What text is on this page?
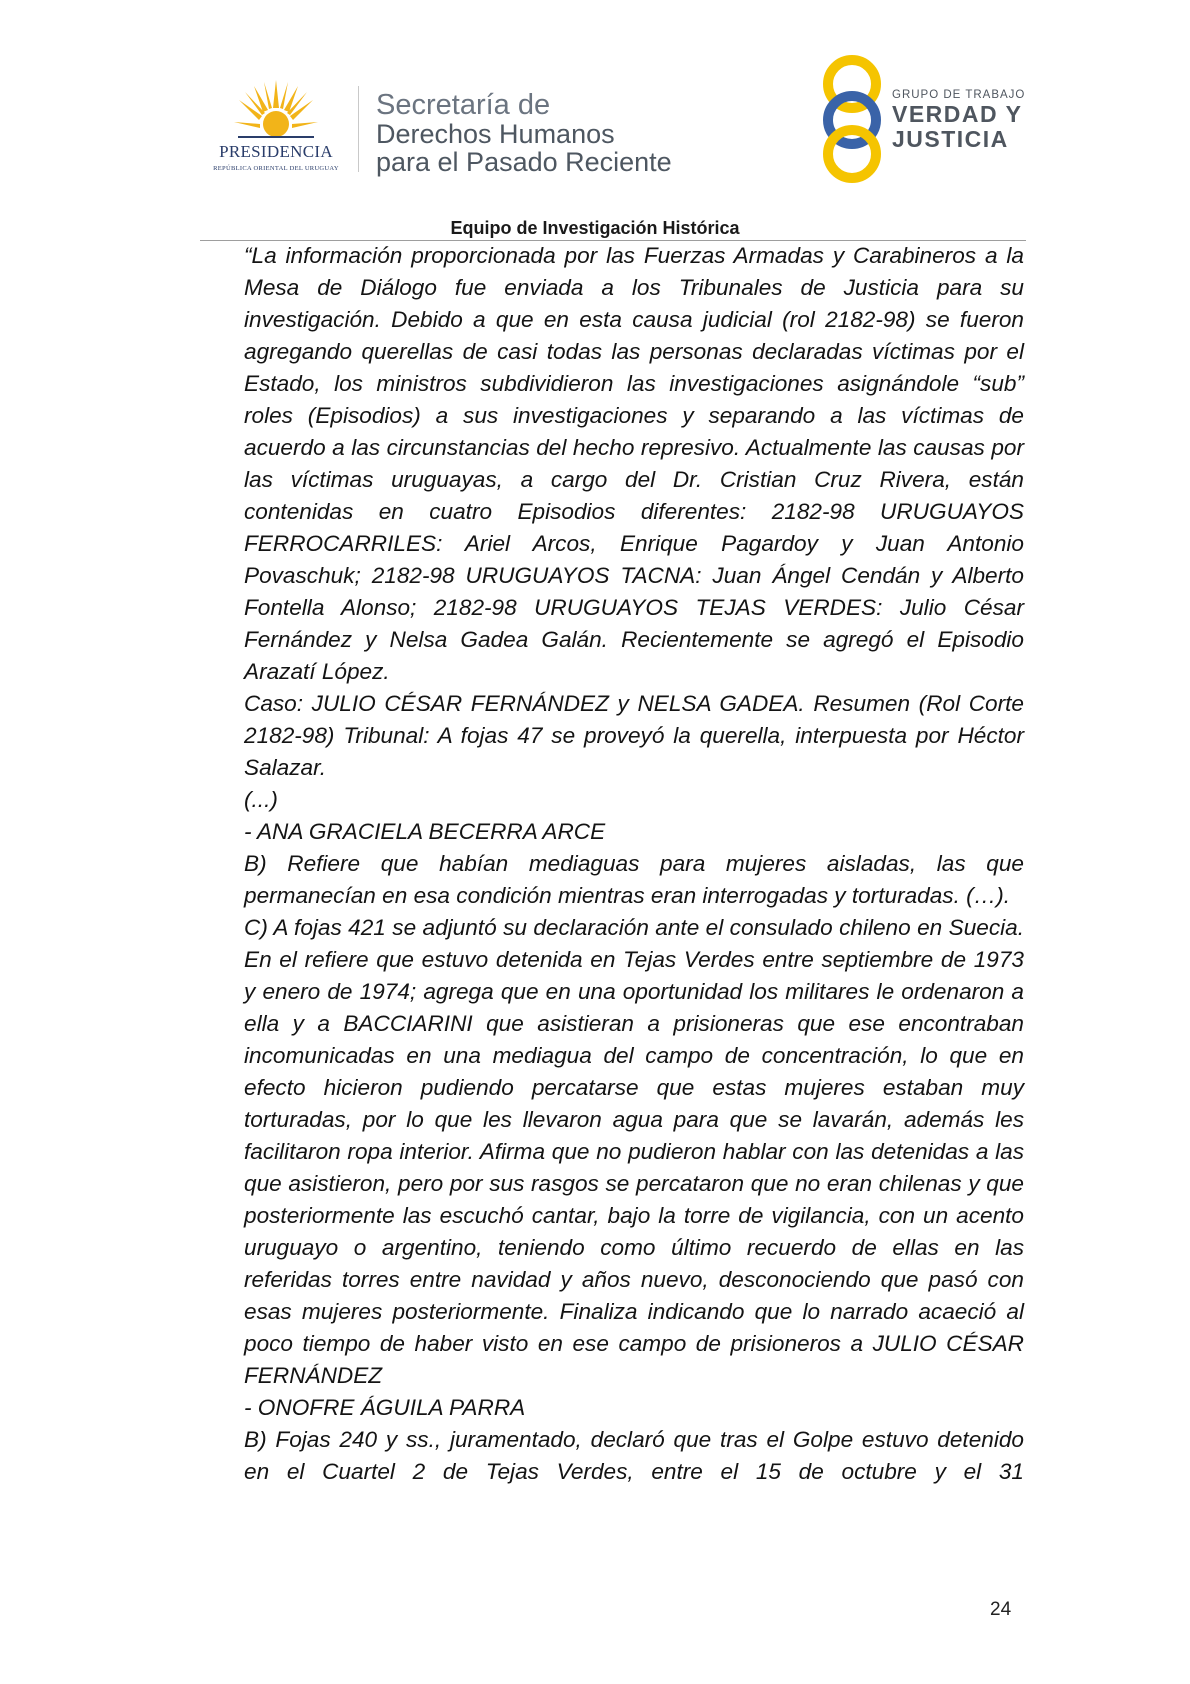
PRESIDENCIA
REPÚBLICA ORIENTAL DEL URUGUAY
Secretaría de
Derechos Humanos
para el Pasado Reciente
GRUPO DE TRABAJO
VERDAD Y
JUSTICIA
Equipo de Investigación Histórica

“La información proporcionada por las Fuerzas Armadas y Carabineros a la Mesa de Diálogo fue enviada a los Tribunales de Justicia para su investigación. Debido a que en esta causa judicial (rol 2182-98) se fueron agregando querellas de casi todas las personas declaradas víctimas por el Estado, los ministros subdividieron las investigaciones asignándole “sub” roles (Episodios) a sus investigaciones y separando a las víctimas de acuerdo a las circunstancias del hecho represivo. Actualmente las causas por las víctimas uruguayas, a cargo del Dr. Cristian Cruz Rivera, están contenidas en cuatro Episodios diferentes: 2182-98 URUGUAYOS FERROCARRILES: Ariel Arcos, Enrique Pagardoy y Juan Antonio Povaschuk; 2182-98 URUGUAYOS TACNA: Juan Ángel Cendán y Alberto Fontella Alonso; 2182-98 URUGUAYOS TEJAS VERDES: Julio César Fernández y Nelsa Gadea Galán. Recientemente se agregó el Episodio Arazatí López.

Caso: JULIO CÉSAR FERNÁNDEZ y NELSA GADEA. Resumen (Rol Corte 2182-98) Tribunal: A fojas 47 se proveyó la querella, interpuesta por Héctor Salazar.

(...)

- ANA GRACIELA BECERRA ARCE

B) Refiere que habían mediaguas para mujeres aisladas, las que permanecían en esa condición mientras eran interrogadas y torturadas. (…).

C) A fojas 421 se adjuntó su declaración ante el consulado chileno en Suecia. En el refiere que estuvo detenida en Tejas Verdes entre septiembre de 1973 y enero de 1974; agrega que en una oportunidad los militares le ordenaron a ella y a BACCIARINI que asistieran a prisioneras que ese encontraban incomunicadas en una mediagua del campo de concentración, lo que en efecto hicieron pudiendo percatarse que estas mujeres estaban muy torturadas, por lo que les llevaron agua para que se lavarán, además les facilitaron ropa interior. Afirma que no pudieron hablar con las detenidas a las que asistieron, pero por sus rasgos se percataron que no eran chilenas y que posteriormente las escuchó cantar, bajo la torre de vigilancia, con un acento uruguayo o argentino, teniendo como último recuerdo de ellas en las referidas torres entre navidad y años nuevo, desconociendo que pasó con esas mujeres posteriormente. Finaliza indicando que lo narrado acaeció al poco tiempo de haber visto en ese campo de prisioneros a JULIO CÉSAR FERNÁNDEZ

- ONOFRE ÁGUILA PARRA

B) Fojas 240 y ss., juramentado, declaró que tras el Golpe estuvo detenido en el Cuartel 2 de Tejas Verdes, entre el 15 de octubre y el 31

24
